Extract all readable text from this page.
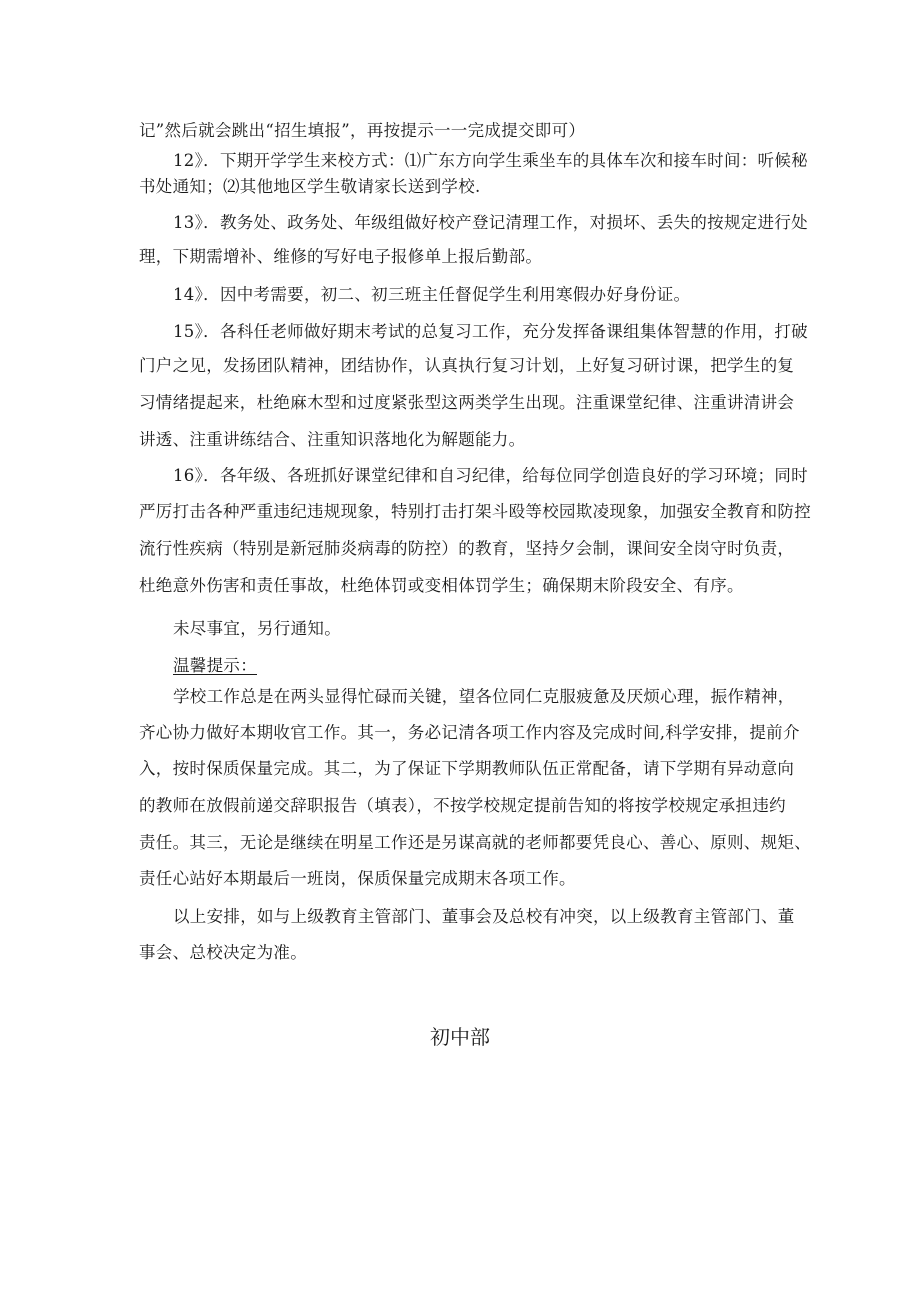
记”然后就会跳出“招生填报”，再按提示一一完成提交即可）
12》．下期开学学生来校方式：⑴广东方向学生乘坐车的具体车次和接车时间：听候秘
书处通知；⑵其他地区学生敬请家长送到学校.
13》．教务处、政务处、年级组做好校产登记清理工作，对损坏、丢失的按规定进行处
理，下期需增补、维修的写好电子报修单上报后勤部。
14》．因中考需要，初二、初三班主任督促学生利用寒假办好身份证。
15》．各科任老师做好期末考试的总复习工作，充分发挥备课组集体智慧的作用，打破
门户之见，发扬团队精神，团结协作，认真执行复习计划，上好复习研讨课，把学生的复
习情绪提起来，杜绝麻木型和过度紧张型这两类学生出现。注重课堂纪律、注重讲清讲会
讲透、注重讲练结合、注重知识落地化为解题能力。
16》．各年级、各班抓好课堂纪律和自习纪律，给每位同学创造良好的学习环境；同时
严厉打击各种严重违纪违规现象，特别打击打架斗殴等校园欺凌现象，加强安全教育和防控
流行性疾病（特别是新冠肺炎病毒的防控）的教育，坚持夕会制，课间安全岗守时负责，
杜绝意外伤害和责任事故，杜绝体罚或变相体罚学生；确保期末阶段安全、有序。
未尽事宜，另行通知。
温馨提示：
学校工作总是在两头显得忙碌而关键，望各位同仁克服疲惫及厌烦心理，振作精神，
齐心协力做好本期收官工作。其一，务必记清各项工作内容及完成时间,科学安排，提前介
入，按时保质保量完成。其二，为了保证下学期教师队伍正常配备，请下学期有异动意向
的教师在放假前递交辞职报告（填表），不按学校规定提前告知的将按学校规定承担违约
责任。其三，无论是继续在明星工作还是另谋高就的老师都要凭良心、善心、原则、规矩、
责任心站好本期最后一班岗，保质保量完成期末各项工作。
以上安排，如与上级教育主管部门、董事会及总校有冲突，以上级教育主管部门、董
事会、总校决定为准。
初中部
